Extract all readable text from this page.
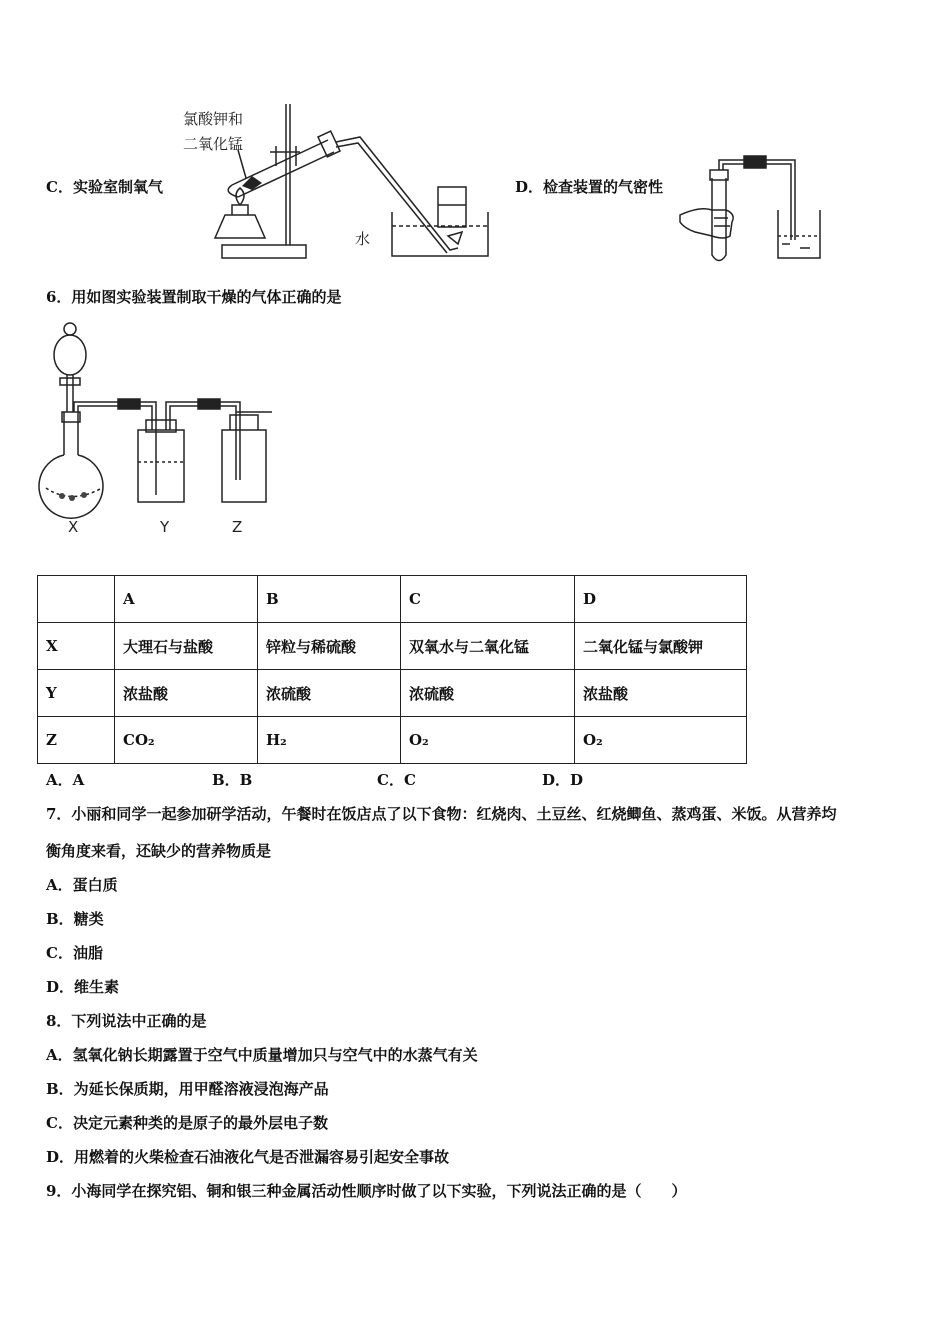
C．实验室制氧气
氯酸钾和
二氧化锰
水
D．检查装置的气密性
6．用如图实验装置制取干燥的气体正确的是
X	Y	Z
	A	B	C	D
X	大理石与盐酸	锌粒与稀硫酸	双氧水与二氧化锰	二氧化锰与氯酸钾
Y	浓盐酸	浓硫酸	浓硫酸	浓盐酸
Z	CO₂	H₂	O₂	O₂
A．A	B．B	C．C	D．D
7．小丽和同学一起参加研学活动，午餐时在饭店点了以下食物：红烧肉、土豆丝、红烧鲫鱼、蒸鸡蛋、米饭。从营养均
衡角度来看，还缺少的营养物质是
A．蛋白质
B．糖类
C．油脂
D．维生素
8．下列说法中正确的是
A．氢氧化钠长期露置于空气中质量增加只与空气中的水蒸气有关
B．为延长保质期，用甲醛溶液浸泡海产品
C．决定元素种类的是原子的最外层电子数
D．用燃着的火柴检查石油液化气是否泄漏容易引起安全事故
9．小海同学在探究铝、铜和银三种金属活动性顺序时做了以下实验，下列说法正确的是（　　）
